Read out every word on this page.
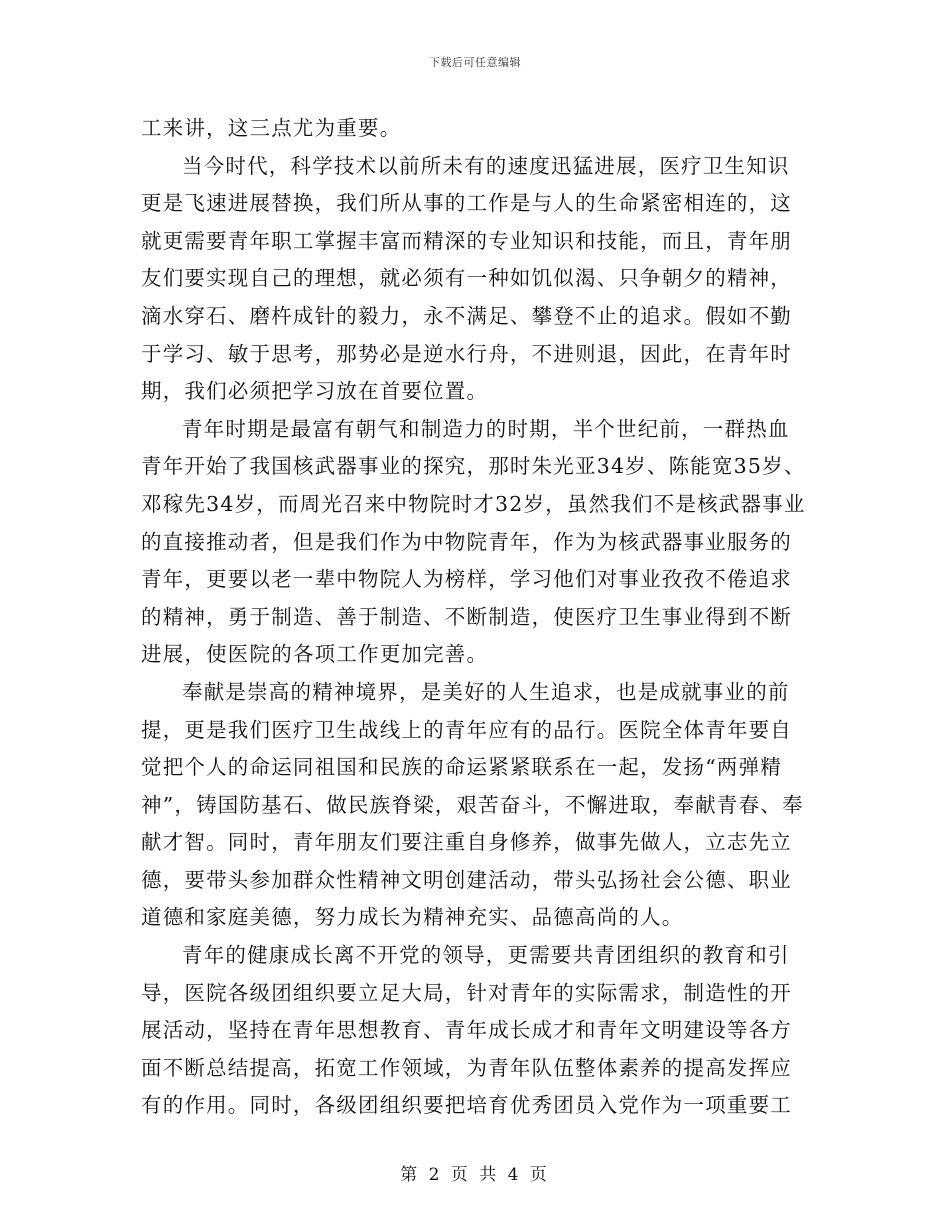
下载后可任意编辑

工来讲，这三点尤为重要。

当今时代，科学技术以前所未有的速度迅猛进展，医疗卫生知识更是飞速进展替换，我们所从事的工作是与人的生命紧密相连的，这就更需要青年职工掌握丰富而精深的专业知识和技能，而且，青年朋友们要实现自己的理想，就必须有一种如饥似渴、只争朝夕的精神，滴水穿石、磨杵成针的毅力，永不满足、攀登不止的追求。假如不勤于学习、敏于思考，那势必是逆水行舟，不进则退，因此，在青年时期，我们必须把学习放在首要位置。

青年时期是最富有朝气和制造力的时期，半个世纪前，一群热血青年开始了我国核武器事业的探究，那时朱光亚34岁、陈能宽35岁、邓稼先34岁，而周光召来中物院时才32岁，虽然我们不是核武器事业的直接推动者，但是我们作为中物院青年，作为为核武器事业服务的青年，更要以老一辈中物院人为榜样，学习他们对事业孜孜不倦追求的精神，勇于制造、善于制造、不断制造，使医疗卫生事业得到不断进展，使医院的各项工作更加完善。

奉献是崇高的精神境界，是美好的人生追求，也是成就事业的前提，更是我们医疗卫生战线上的青年应有的品行。医院全体青年要自觉把个人的命运同祖国和民族的命运紧紧联系在一起，发扬“两弹精神”，铸国防基石、做民族脊梁，艰苦奋斗，不懈进取，奉献青春、奉献才智。同时，青年朋友们要注重自身修养，做事先做人，立志先立德，要带头参加群众性精神文明创建活动，带头弘扬社会公德、职业道德和家庭美德，努力成长为精神充实、品德高尚的人。

青年的健康成长离不开党的领导，更需要共青团组织的教育和引导，医院各级团组织要立足大局，针对青年的实际需求，制造性的开展活动，坚持在青年思想教育、青年成长成才和青年文明建设等各方面不断总结提高，拓宽工作领域，为青年队伍整体素养的提高发挥应有的作用。同时，各级团组织要把培育优秀团员入党作为一项重要工

第 2 页 共 4 页
